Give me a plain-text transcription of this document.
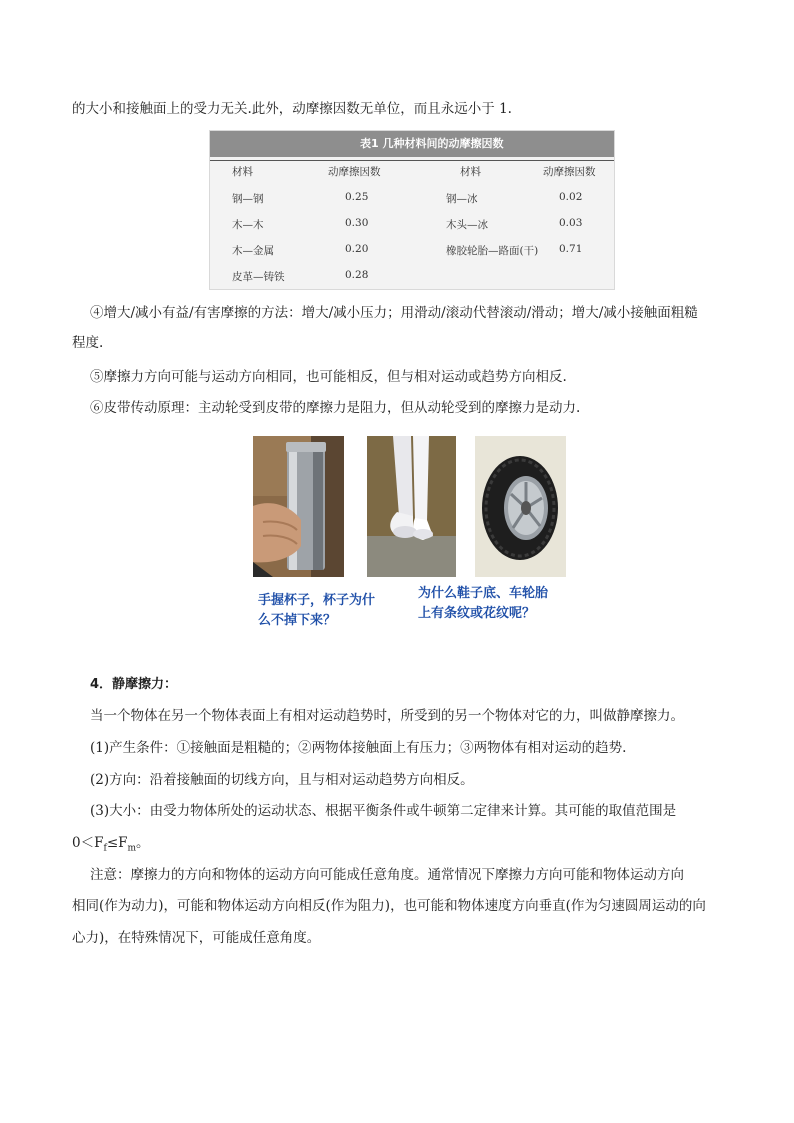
的大小和接触面上的受力无关.此外，动摩擦因数无单位，而且永远小于 1.
表1 几种材料间的动摩擦因数
材料	动摩擦因数	材料	动摩擦因数
钢—钢	0.25	钢—冰	0.02
木—木	0.30	木头—冰	0.03
木—金属	0.20	橡胶轮胎—路面(干) 0.71
皮革—铸铁	0.28
④增大/减小有益/有害摩擦的方法：增大/减小压力；用滑动/滚动代替滚动/滑动；增大/减小接触面粗糙
程度.
⑤摩擦力方向可能与运动方向相同，也可能相反，但与相对运动或趋势方向相反.
⑥皮带传动原理：主动轮受到皮带的摩擦力是阻力，但从动轮受到的摩擦力是动力.
手握杯子，杯子为什
么不掉下来？
为什么鞋子底、车轮胎
上有条纹或花纹呢？
4．静摩擦力：
当一个物体在另一个物体表面上有相对运动趋势时，所受到的另一个物体对它的力，叫做静摩擦力。
(1)产生条件：①接触面是粗糙的；②两物体接触面上有压力；③两物体有相对运动的趋势.
(2)方向：沿着接触面的切线方向，且与相对运动趋势方向相反。
(3)大小：由受力物体所处的运动状态、根据平衡条件或牛顿第二定律来计算。其可能的取值范围是
$0<F_f\le F_m$。
注意：摩擦力的方向和物体的运动方向可能成任意角度。通常情况下摩擦力方向可能和物体运动方向
相同(作为动力)，可能和物体运动方向相反(作为阻力)，也可能和物体速度方向垂直(作为匀速圆周运动的向
心力)，在特殊情况下，可能成任意角度。
